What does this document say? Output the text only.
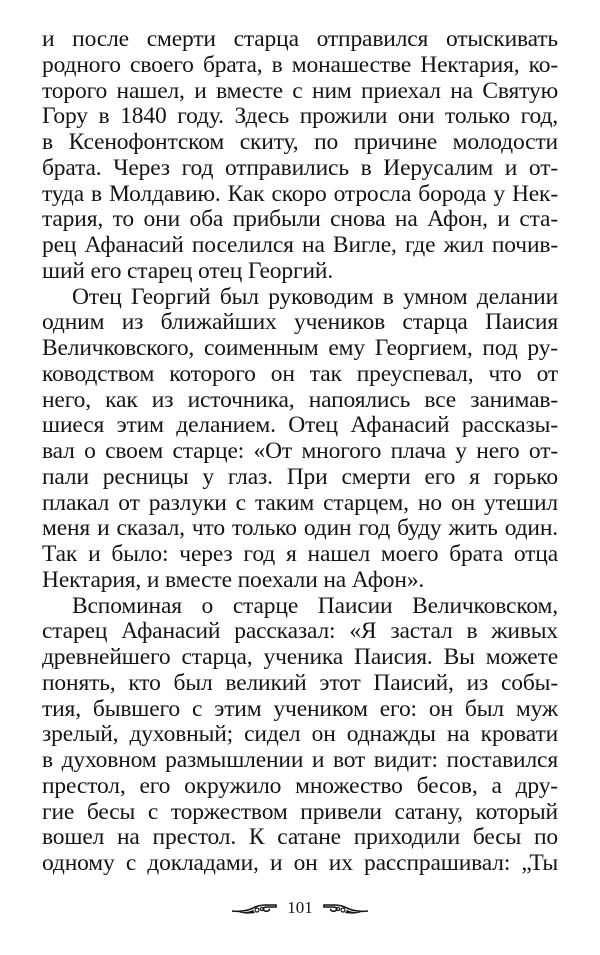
и после смерти старца отправился отыскивать
родного своего брата, в монашестве Нектария, ко-
торого нашел, и вместе с ним приехал на Святую
Гору в 1840 году. Здесь прожили они только год,
в Ксенофонтском скиту, по причине молодости
брата. Через год отправились в Иерусалим и от-
туда в Молдавию. Как скоро отросла борода у Нек-
тария, то они оба прибыли снова на Афон, и ста-
рец Афанасий поселился на Вигле, где жил почив-
ший его старец отец Георгий.
Отец Георгий был руководим в умном делании
одним из ближайших учеников старца Паисия
Величковского, соименным ему Георгием, под ру-
ководством которого он так преуспевал, что от
него, как из источника, напоялись все занимав-
шиеся этим деланием. Отец Афанасий рассказы-
вал о своем старце: «От многого плача у него от-
пали ресницы у глаз. При смерти его я горько
плакал от разлуки с таким старцем, но он утешил
меня и сказал, что только один год буду жить один.
Так и было: через год я нашел моего брата отца
Нектария, и вместе поехали на Афон».
Вспоминая о старце Паисии Величковском,
старец Афанасий рассказал: «Я застал в живых
древнейшего старца, ученика Паисия. Вы можете
понять, кто был великий этот Паисий, из собы-
тия, бывшего с этим учеником его: он был муж
зрелый, духовный; сидел он однажды на кровати
в духовном размышлении и вот видит: поставился
престол, его окружило множество бесов, а дру-
гие бесы с торжеством привели сатану, который
вошел на престол. К сатане приходили бесы по
одному с докладами, и он их расспрашивал: „Ты
101
